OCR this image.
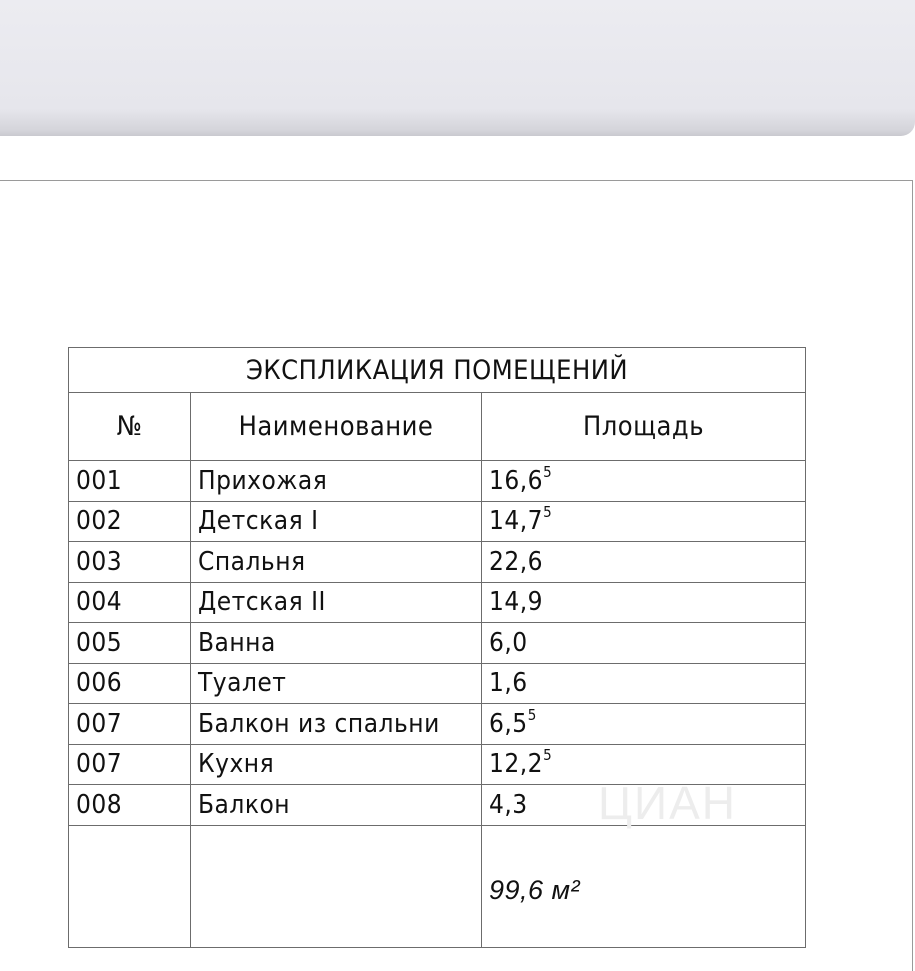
ЭКСПЛИКАЦИЯ ПОМЕЩЕНИЙ		
№	Наименование	Площадь
001	Прихожая	16,6$^5$
002	Детская I	14,7$^5$
003	Спальня	22,6
004	Детская II	14,9
005	Ванна	6,0
006	Туалет	1,6
007	Балкон из спальни	$6,5^5$
007	Кухня	12,2$^5$
008	Балкон	4,3
		99,6 м²
ЦИАН
